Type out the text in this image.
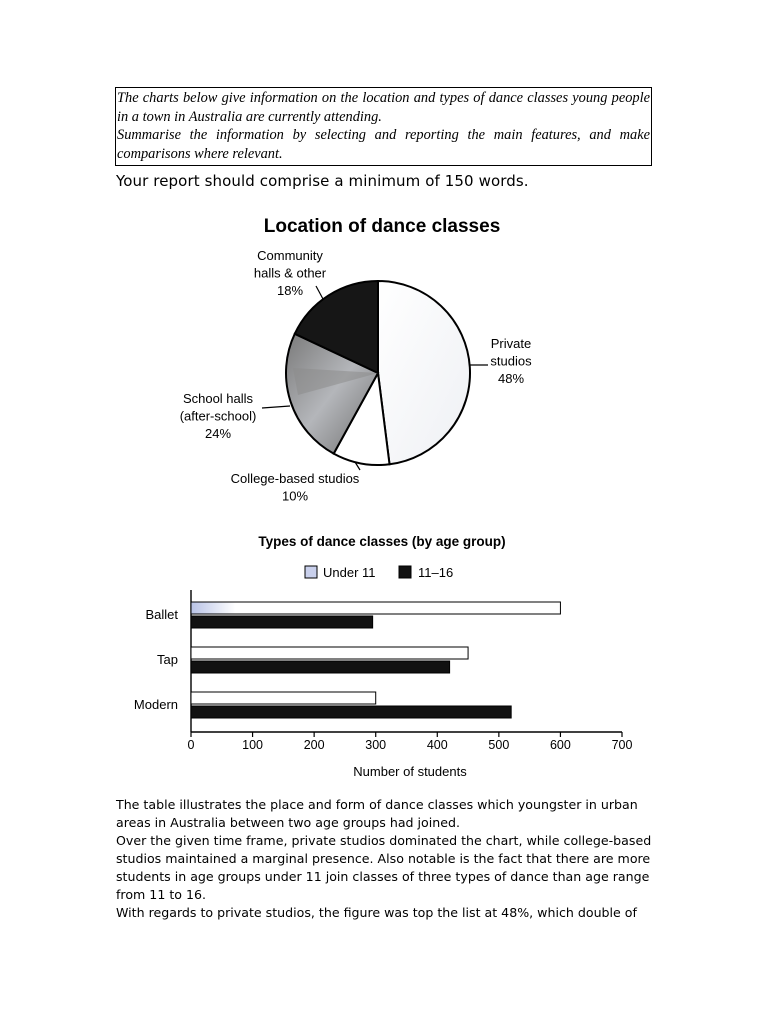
The charts below give information on the location and types of dance classes young people in a town in Australia are currently attending.

Summarise the information by selecting and reporting the main features, and make comparisons where relevant.

Your report should comprise a minimum of 150 words.
Location of dance classes
Private
studios
48%
College-based studios
10%
School halls
(after-school)
24%
Community
halls & other
18%
Types of dance classes (by age group)
Under 11	11–16
0	100	200	300	400	500	600	700
Ballet
Tap
Modern
Number of students

The table illustrates the place and form of dance classes which youngster in urban areas in Australia between two age groups had joined.

Over the given time frame, private studios dominated the chart, while college-based studios maintained a marginal presence. Also notable is the fact that there are more students in age groups under 11 join classes of three types of dance than age range from 11 to 16.

With regards to private studios, the figure was top the list at 48%, which double of
